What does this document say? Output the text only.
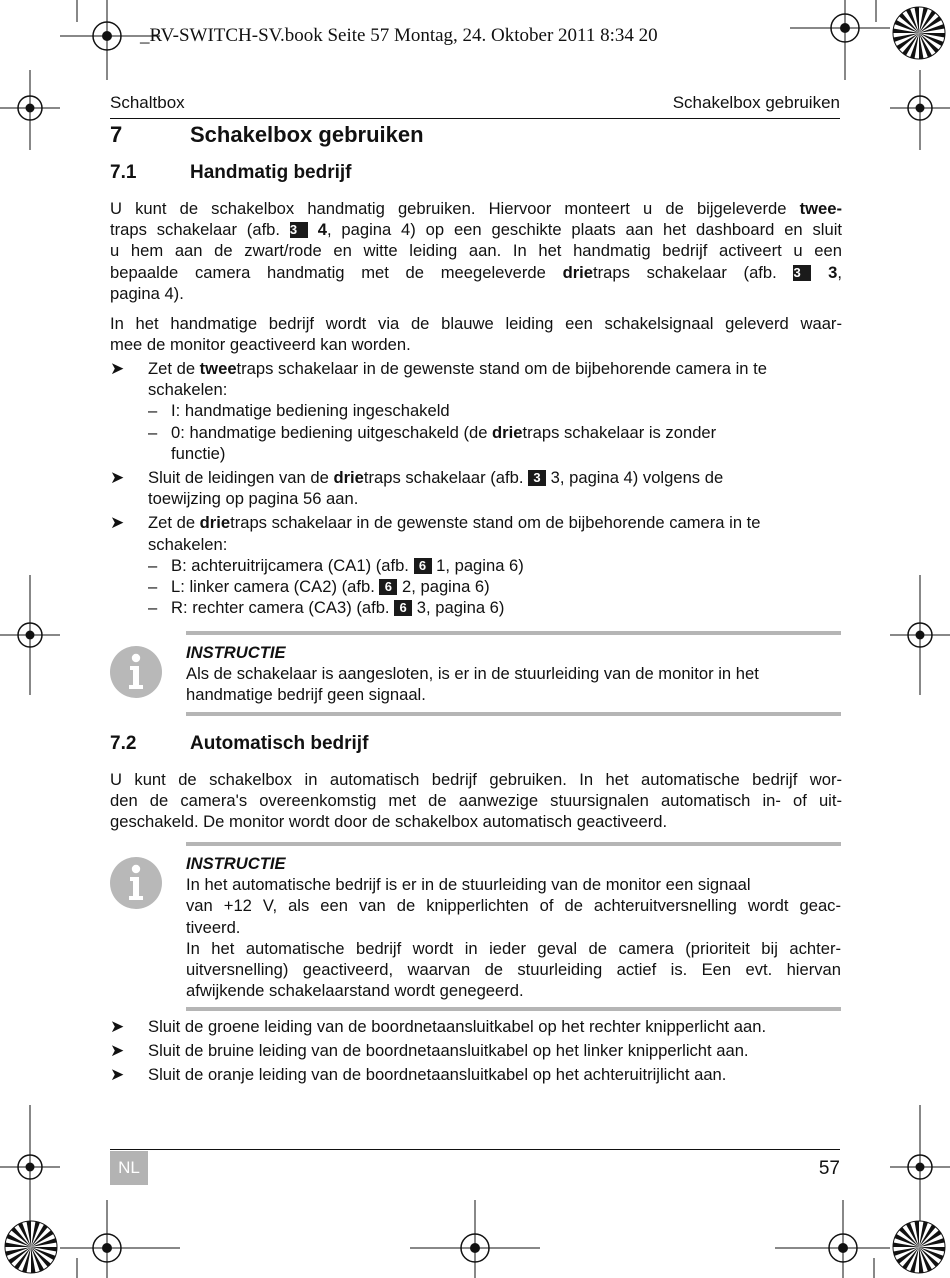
_RV-SWITCH-SV.book Seite 57 Montag, 24. Oktober 2011 8:34 20
Schaltbox	Schakelbox gebruiken
7	Schakelbox gebruiken
7.1	Handmatig bedrijf
U kunt de schakelbox handmatig gebruiken. Hiervoor monteert u de bijgeleverde twee-
traps schakelaar (afb. 3 4, pagina 4) op een geschikte plaats aan het dashboard en sluit
u hem aan de zwart/rode en witte leiding aan. In het handmatig bedrijf activeert u een
bepaalde camera handmatig met de meegeleverde drietraps schakelaar (afb. 3 3,
pagina 4).
In het handmatige bedrijf wordt via de blauwe leiding een schakelsignaal geleverd waar-
mee de monitor geactiveerd kan worden.
➤ Zet de tweetraps schakelaar in de gewenste stand om de bijbehorende camera in te
schakelen:
– I: handmatige bediening ingeschakeld
– 0: handmatige bediening uitgeschakeld (de drietraps schakelaar is zonder
functie)
➤ Sluit de leidingen van de drietraps schakelaar (afb. 3 3, pagina 4) volgens de
toewijzing op pagina 56 aan.
➤ Zet de drietraps schakelaar in de gewenste stand om de bijbehorende camera in te
schakelen:
– B: achteruitrijcamera (CA1) (afb. 6 1, pagina 6)
– L: linker camera (CA2) (afb. 6 2, pagina 6)
– R: rechter camera (CA3) (afb. 6 3, pagina 6)
INSTRUCTIE
Als de schakelaar is aangesloten, is er in de stuurleiding van de monitor in het
handmatige bedrijf geen signaal.
7.2	Automatisch bedrijf
U kunt de schakelbox in automatisch bedrijf gebruiken. In het automatische bedrijf wor-
den de camera's overeenkomstig met de aanwezige stuursignalen automatisch in- of uit-
geschakeld. De monitor wordt door de schakelbox automatisch geactiveerd.
INSTRUCTIE
In het automatische bedrijf is er in de stuurleiding van de monitor een signaal
van +12 V, als een van de knipperlichten of de achteruitversnelling wordt geac-
tiveerd.
In het automatische bedrijf wordt in ieder geval de camera (prioriteit bij achter-
uitversnelling) geactiveerd, waarvan de stuurleiding actief is. Een evt. hiervan
afwijkende schakelaarstand wordt genegeerd.
➤ Sluit de groene leiding van de boordnetaansluitkabel op het rechter knipperlicht aan.
➤ Sluit de bruine leiding van de boordnetaansluitkabel op het linker knipperlicht aan.
➤ Sluit de oranje leiding van de boordnetaansluitkabel op het achteruitrijlicht aan.
NL	57
